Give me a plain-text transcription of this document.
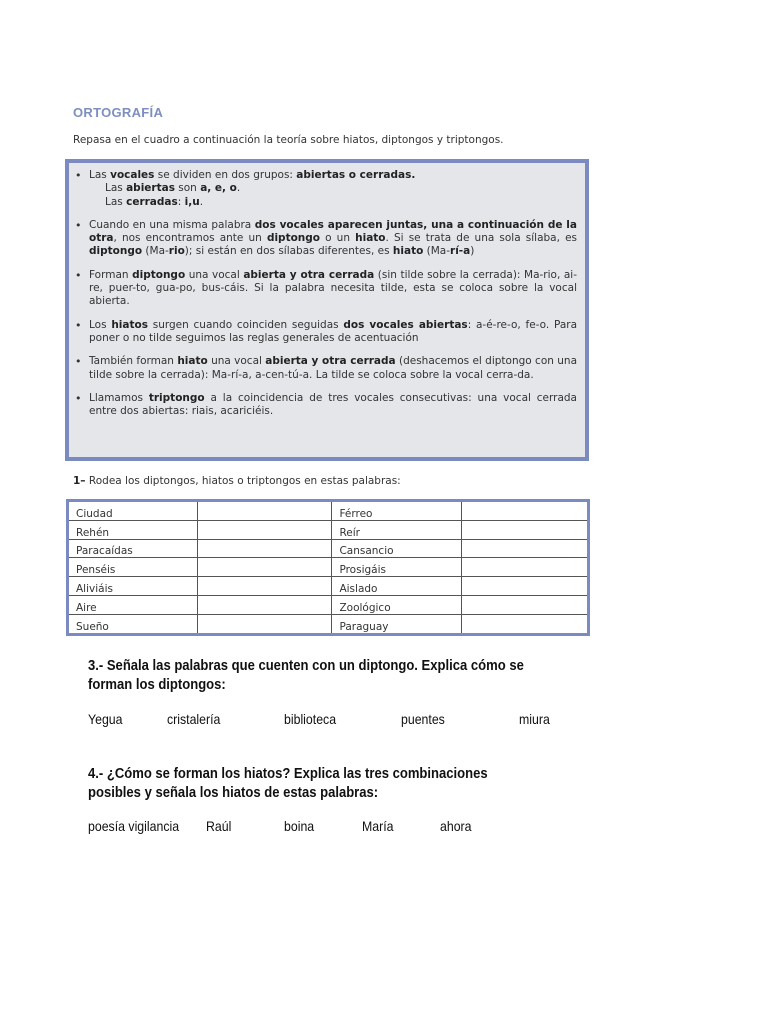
ORTOGRAFÍA
Repasa en el cuadro a continuación la teoría sobre hiatos, diptongos y triptongos.
• Las vocales se dividen en dos grupos: abiertas o cerradas.
Las abiertas son a, e, o.
Las cerradas: i,u.
• Cuando en una misma palabra dos vocales aparecen juntas, una a continuación de la otra, nos encontramos ante un diptongo o un hiato. Si se trata de una sola sílaba, es diptongo (Ma-rio); si están en dos sílabas diferentes, es hiato (Ma-rí-a)
• Forman diptongo una vocal abierta y otra cerrada (sin tilde sobre la cerrada): Ma-rio, ai-re, puer-to, gua-po, bus-cáis. Si la palabra necesita tilde, esta se coloca sobre la vocal abierta.
• Los hiatos surgen cuando coinciden seguidas dos vocales abiertas: a-é-re-o, fe-o. Para poner o no tilde seguimos las reglas generales de acentuación
• También forman hiato una vocal abierta y otra cerrada (deshacemos el diptongo con una tilde sobre la cerrada): Ma-rí-a, a-cen-tú-a. La tilde se coloca sobre la vocal cerra-da.
• Llamamos triptongo a la coincidencia de tres vocales consecutivas: una vocal cerrada entre dos abiertas: riais, acariciéis.
1– Rodea los diptongos, hiatos o triptongos en estas palabras:
Ciudad		Férreo	
Rehén		Reír	
Paracaídas		Cansancio	
Penséis		Prosigáis	
Aliviáis		Aislado	
Aire		Zoológico	
Sueño		Paraguay	
3.- Señala las palabras que cuenten con un diptongo. Explica cómo se forman los diptongos:
Yegua	cristalería	biblioteca	puentes	miura
4.- ¿Cómo se forman los hiatos? Explica las tres combinaciones posibles y señala los hiatos de estas palabras:
poesía vigilancia Raúl	boina	María	ahora
